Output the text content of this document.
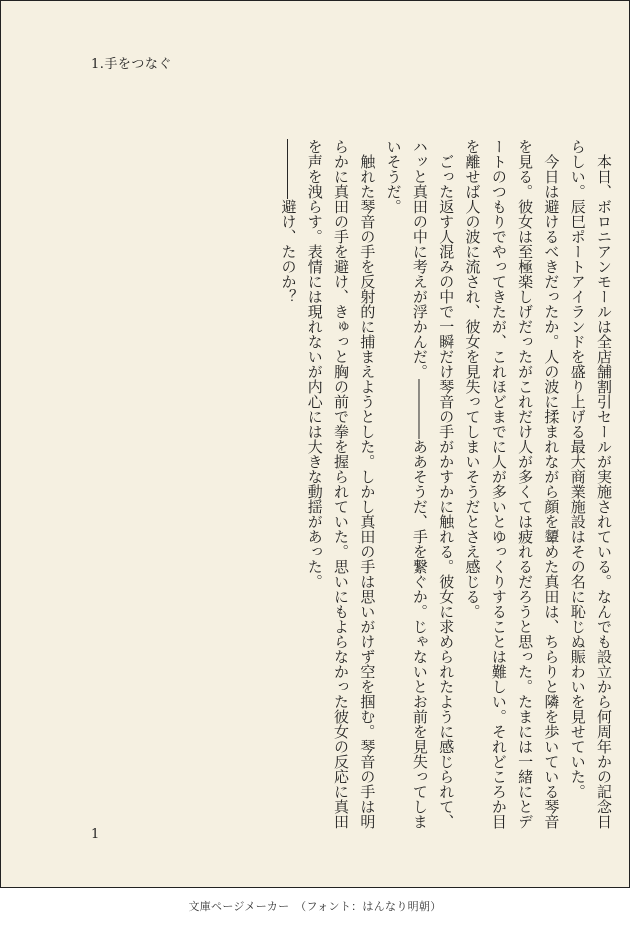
1.手をつなぐ

　本日、ボロニアンモールは全店舗割引セールが実施されている。なんでも設立から何周年かの記念日らしい。辰巳ポートアイランドを盛り上げる最大商業施設はその名に恥じぬ賑わいを見せていた。

　今日は避けるべきだったか。人の波に揉まれながら顔を顰めた真田は、ちらりと隣を歩いている琴音を見る。彼女は至極楽しげだったがこれだけ人が多くては疲れるだろうと思った。たまには一緒にとデートのつもりでやってきたが、これほどまでに人が多いとゆっくりすることは難しい。それどころか目を離せば人の波に流され、彼女を見失ってしまいそうだとさえ感じる。

　ごった返す人混みの中で一瞬だけ琴音の手がかすかに触れる。彼女に求められたように感じられて、ハッと真田の中に考えが浮かんだ。――――ああそうだ、手を繋ぐか。じゃないとお前を見失ってしまいそうだ。

　触れた琴音の手を反射的に捕まえようとした。しかし真田の手は思いがけず空を掴む。琴音の手は明らかに真田の手を避け、きゅっと胸の前で拳を握られていた。思いにもよらなかった彼女の反応に真田を声を洩らす。表情には現れないが内心には大きな動揺があった。

――――避け、たのか？

1
文庫ページメーカー　（フォント：はんなり明朝）
